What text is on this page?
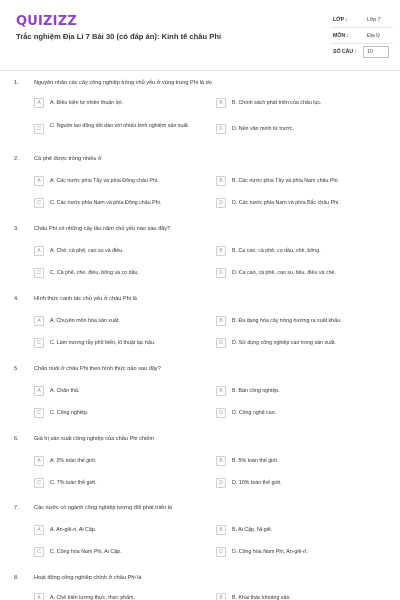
QUIZIZZ
Trắc nghiệm Địa Lí 7 Bài 30 (có đáp án): Kinh tế châu Phi
LỚP :	Lớp 7
MÔN :	Địa lý
SỐ CÂU : 10
1.	Nguyên nhân các cây công nghiệp trồng chủ yếu ở vùng trung Phi là do
A	A. Điều kiện tự nhiên thuận lợi.	B	B. Chính sách phát triển của châu lục.
C	C. Nguồn lao động dồi dào với nhiều kinh nghiệm sản xuất.	D	D. Nền văn minh từ trước.
2.	Cà phê được trồng nhiều ở
A	A. Các nước phía Tây và phía Đông châu Phi.	B	B. Các nước phía Tây và phía Nam châu Phi.
C	C. Các nước phía Nam và phía Đông châu Phi.	D	D. Các nước phía Nam và phía Bắc châu Phi.
3.	Châu Phi có những cây lâu năm chủ yếu nào sau đây?
A	A. Chè, cà phê, cao su và điều.	B	B. Ca cao, cà phê, cọ dầu, chè, bông.
C	C. Cà phê, chè, điều, bông và cọ dầu.	D	D. Ca cao, cà phê, cao su, tiêu, điều và chè.
4.	Hình thức canh tác chủ yếu ở châu Phi là
A	A. Chuyên môn hóa sản xuất.	B	B. Đa dạng hóa cây trồng hướng ra xuất khẩu.
C	C. Làm nương rẫy phổ biến, kĩ thuật lạc hậu.	D	D. Sử dụng công nghiệp cao trong sản xuất.
5.	Chăn nuôi ở châu Phi theo hình thức nào sau đây?
A	A. Chăn thả.	B	B. Bán công nghiệp.
C	C. Công nghiệp.	D	D. Công nghệ cao.
6.	Giá trị sản xuất công nghiệp của châu Phi chiếm
A	A. 2% toàn thế giới.	B	B. 5% toàn thế giới.
C	C. 7% toàn thế giới.	D	D. 10% toàn thế giới.
7.	Các nước có ngành công nghiệp tương đối phát triển là
A	A. An-giê-ri, Ai Cập.	B	B. Ai Cập, Ni-giê.
C	C. Cộng hòa Nam Phi, Ai Cập.	D	D. Cộng hòa Nam Phi, An-giê-ri.
8.	Hoạt động công nghiệp chính ở châu Phi là
A	A. Chế biến lương thực, thực phẩm.	B	B. Khai thác khoáng sản.
